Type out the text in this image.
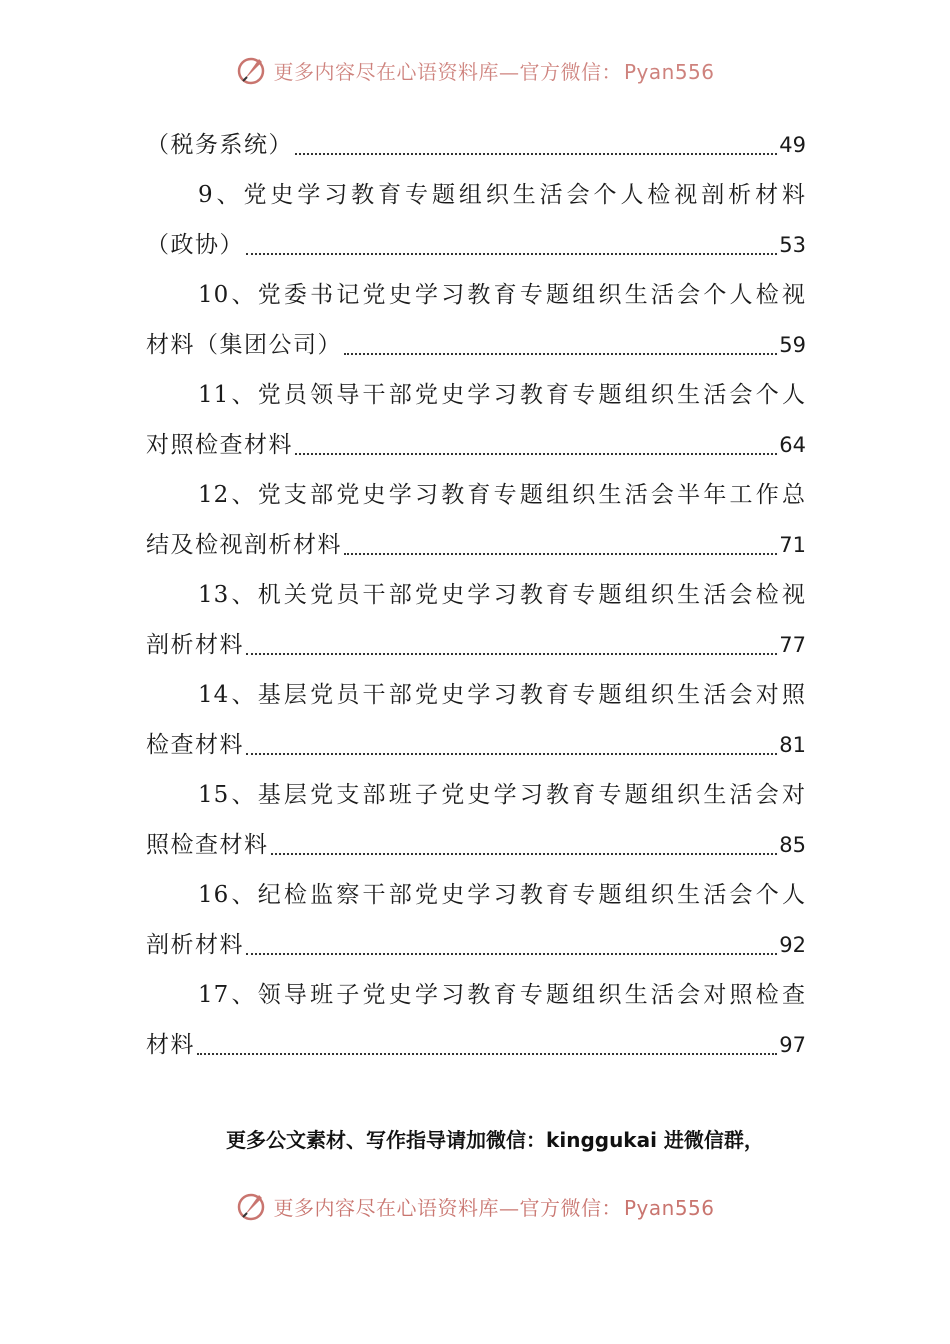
更多内容尽在心语资料库—官方微信： Pyan556
（税务系统）	49
9、党史学习教育专题组织生活会个人检视剖析材料
（政协）	53
10、党委书记党史学习教育专题组织生活会个人检视
材料（集团公司）	59
11、党员领导干部党史学习教育专题组织生活会个人
对照检查材料	64
12、党支部党史学习教育专题组织生活会半年工作总
结及检视剖析材料	71
13、机关党员干部党史学习教育专题组织生活会检视
剖析材料	77
14、基层党员干部党史学习教育专题组织生活会对照
检查材料	81
15、基层党支部班子党史学习教育专题组织生活会对
照检查材料	85
16、纪检监察干部党史学习教育专题组织生活会个人
剖析材料	92
17、领导班子党史学习教育专题组织生活会对照检查
材料	97
更多公文素材、写作指导请加微信：kinggukai 进微信群，
更多内容尽在心语资料库—官方微信： Pyan556
